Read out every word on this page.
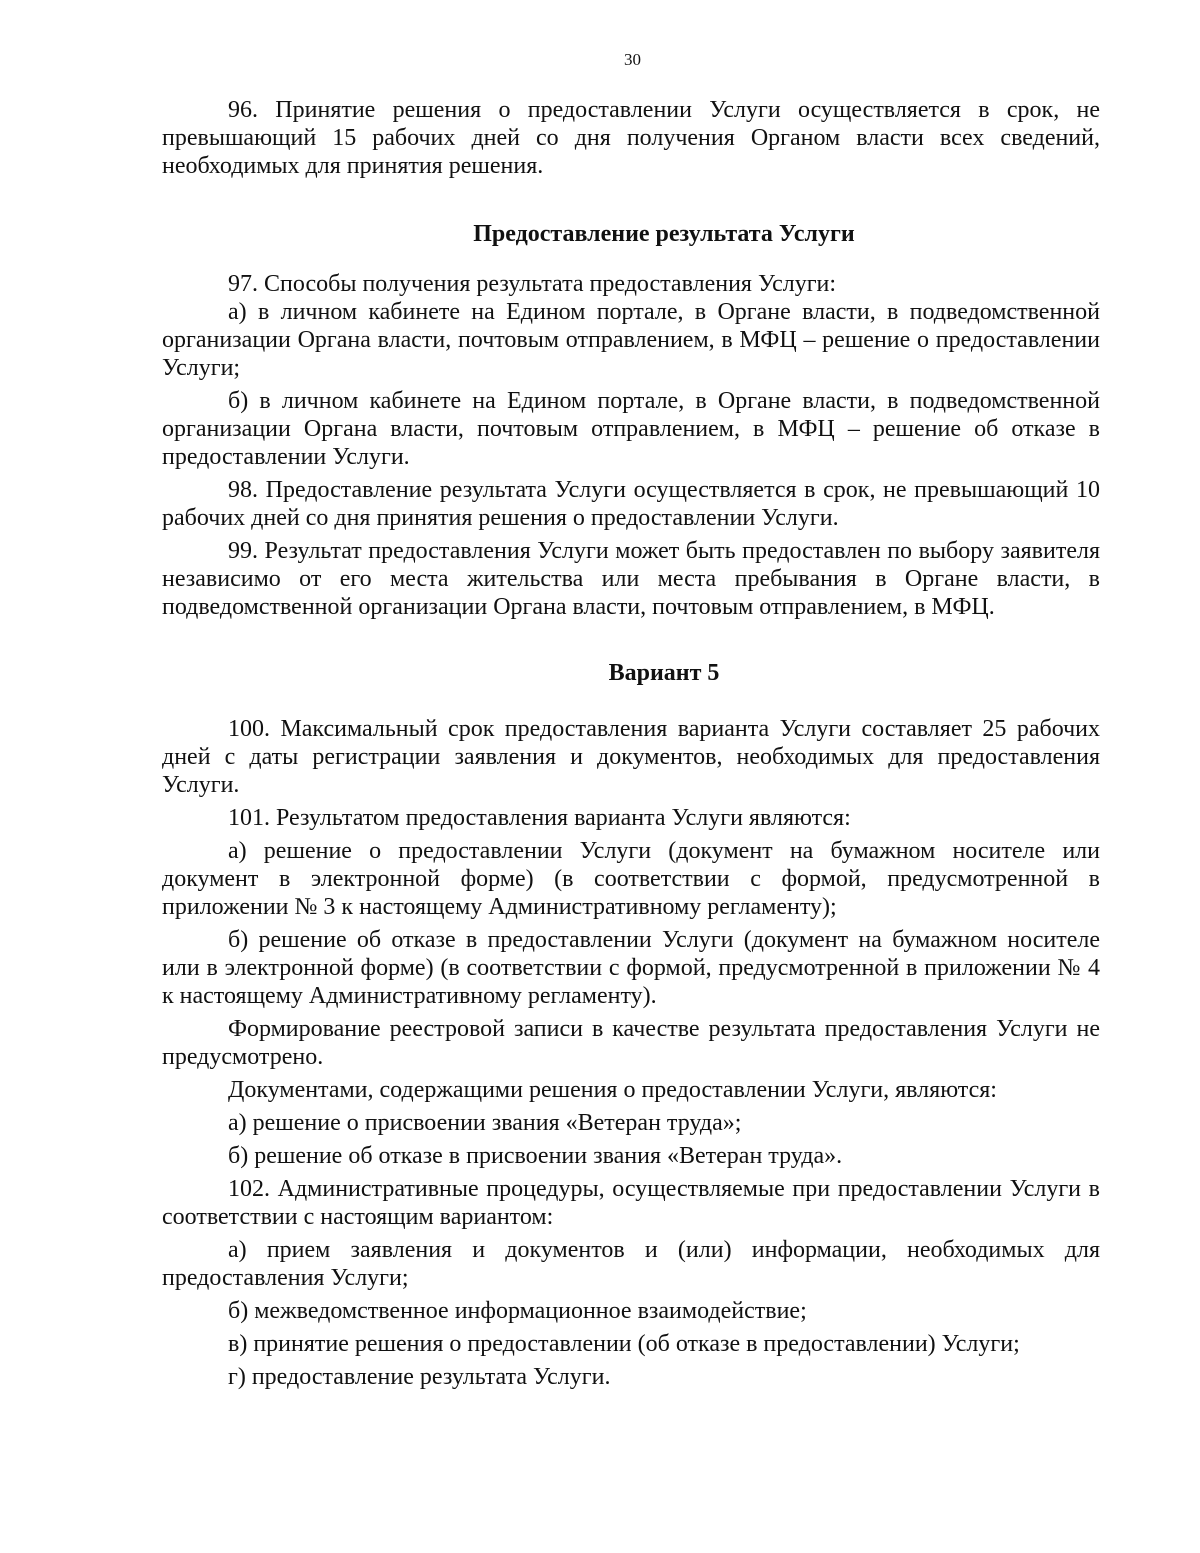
30

96. Принятие решения о предоставлении Услуги осуществляется в срок, не превышающий 15 рабочих дней со дня получения Органом власти всех сведений, необходимых для принятия решения.

Предоставление результата Услуги

97. Способы получения результата предоставления Услуги:

а) в личном кабинете на Едином портале, в Органе власти, в подведомственной организации Органа власти, почтовым отправлением, в МФЦ – решение о предоставлении Услуги;

б) в личном кабинете на Едином портале, в Органе власти, в подведомственной организации Органа власти, почтовым отправлением, в МФЦ – решение об отказе в предоставлении Услуги.

98. Предоставление результата Услуги осуществляется в срок, не превышающий 10 рабочих дней со дня принятия решения о предоставлении Услуги.

99. Результат предоставления Услуги может быть предоставлен по выбору заявителя независимо от его места жительства или места пребывания в Органе власти, в подведомственной организации Органа власти, почтовым отправлением, в МФЦ.

Вариант 5

100. Максимальный срок предоставления варианта Услуги составляет 25 рабочих дней с даты регистрации заявления и документов, необходимых для предоставления Услуги.

101. Результатом предоставления варианта Услуги являются:

а) решение о предоставлении Услуги (документ на бумажном носителе или документ в электронной форме) (в соответствии с формой, предусмотренной в приложении № 3 к настоящему Административному регламенту);

б) решение об отказе в предоставлении Услуги (документ на бумажном носителе или в электронной форме) (в соответствии с формой, предусмотренной в приложении № 4 к настоящему Административному регламенту).

Формирование реестровой записи в качестве результата предоставления Услуги не предусмотрено.

Документами, содержащими решения о предоставлении Услуги, являются:

а) решение о присвоении звания «Ветеран труда»;

б) решение об отказе в присвоении звания «Ветеран труда».

102. Административные процедуры, осуществляемые при предоставлении Услуги в соответствии с настоящим вариантом:

а) прием заявления и документов и (или) информации, необходимых для предоставления Услуги;

б) межведомственное информационное взаимодействие;

в) принятие решения о предоставлении (об отказе в предоставлении) Услуги;

г) предоставление результата Услуги.
